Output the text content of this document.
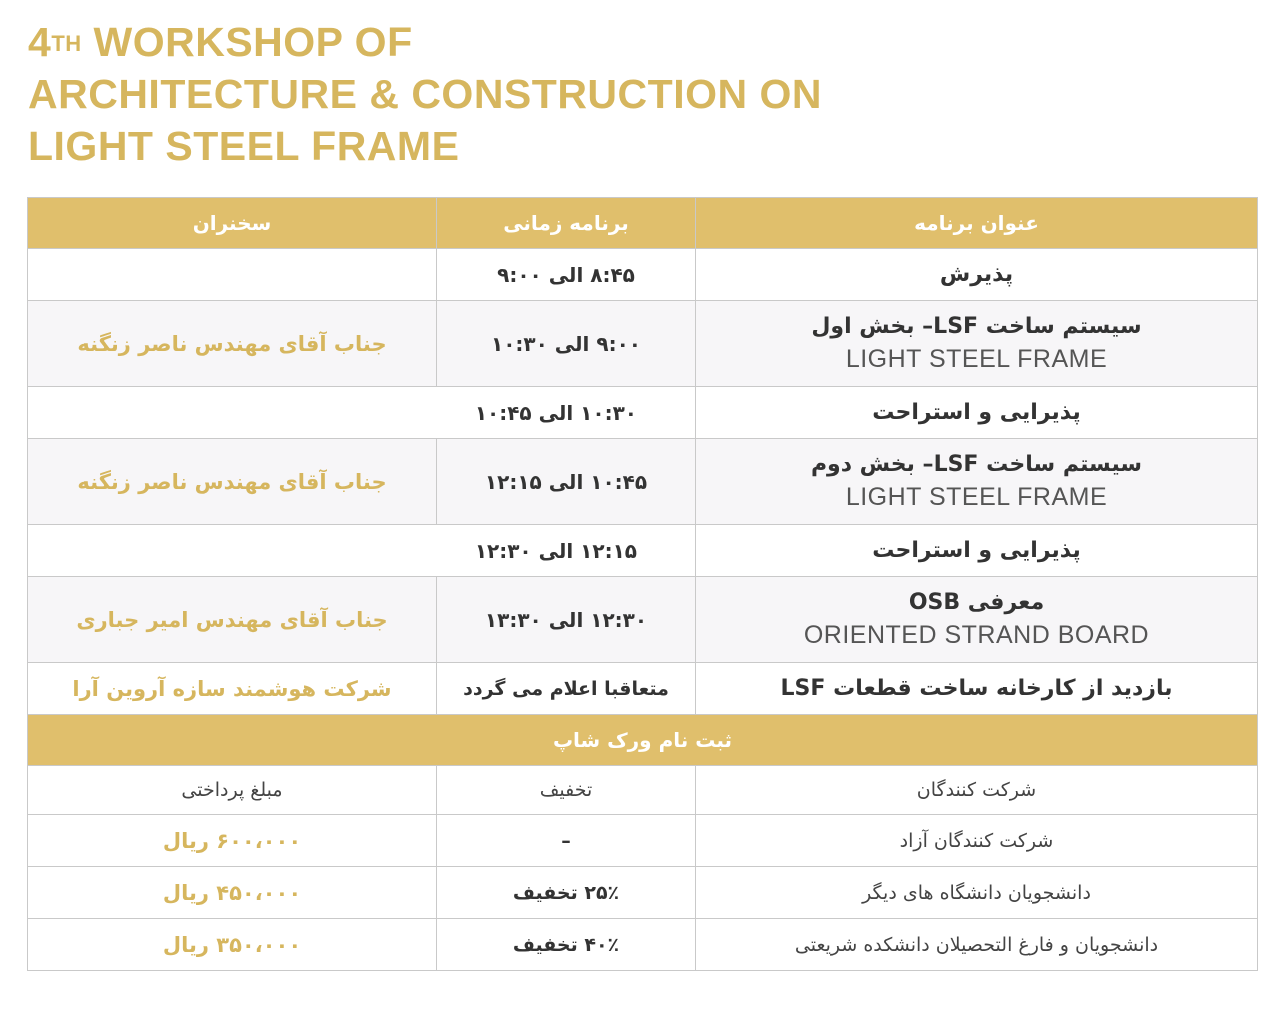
4TH WORKSHOP OF
ARCHITECTURE & CONSTRUCTION ON
LIGHT STEEL FRAME
سخنران	برنامه زمانی	عنوان برنامه
	۸:۴۵ الی ۹:۰۰	پذیرش

جناب آقای مهندس ناصر زنگنه	۹:۰۰ الی ۱۰:۳۰	سیستم ساخت LSF– بخش اول
LIGHT STEEL FRAME

۱۰:۳۰ الی ۱۰:۴۵		پذیرایی و استراحت

جناب آقای مهندس ناصر زنگنه	۱۰:۴۵ الی ۱۲:۱۵	سیستم ساخت LSF– بخش دوم
LIGHT STEEL FRAME

۱۲:۱۵ الی ۱۲:۳۰		پذیرایی و استراحت

جناب آقای مهندس امیر جباری	۱۲:۳۰ الی ۱۳:۳۰	معرفی OSB
ORIENTED STRAND BOARD

شرکت هوشمند سازه آروین آرا	متعاقبا اعلام می گردد	بازدید از کارخانه ساخت قطعات LSF

ثبت نام ورک شاپ		
مبلغ پرداختی	تخفیف	شرکت کنندگان
۶۰۰،۰۰۰ ریال	–	شرکت کنندگان آزاد
۴۵۰،۰۰۰ ریال	۲۵٪ تخفیف	دانشجویان دانشگاه های دیگر
۳۵۰،۰۰۰ ریال	۴۰٪ تخفیف	دانشجویان و فارغ التحصیلان دانشکده شریعتی
